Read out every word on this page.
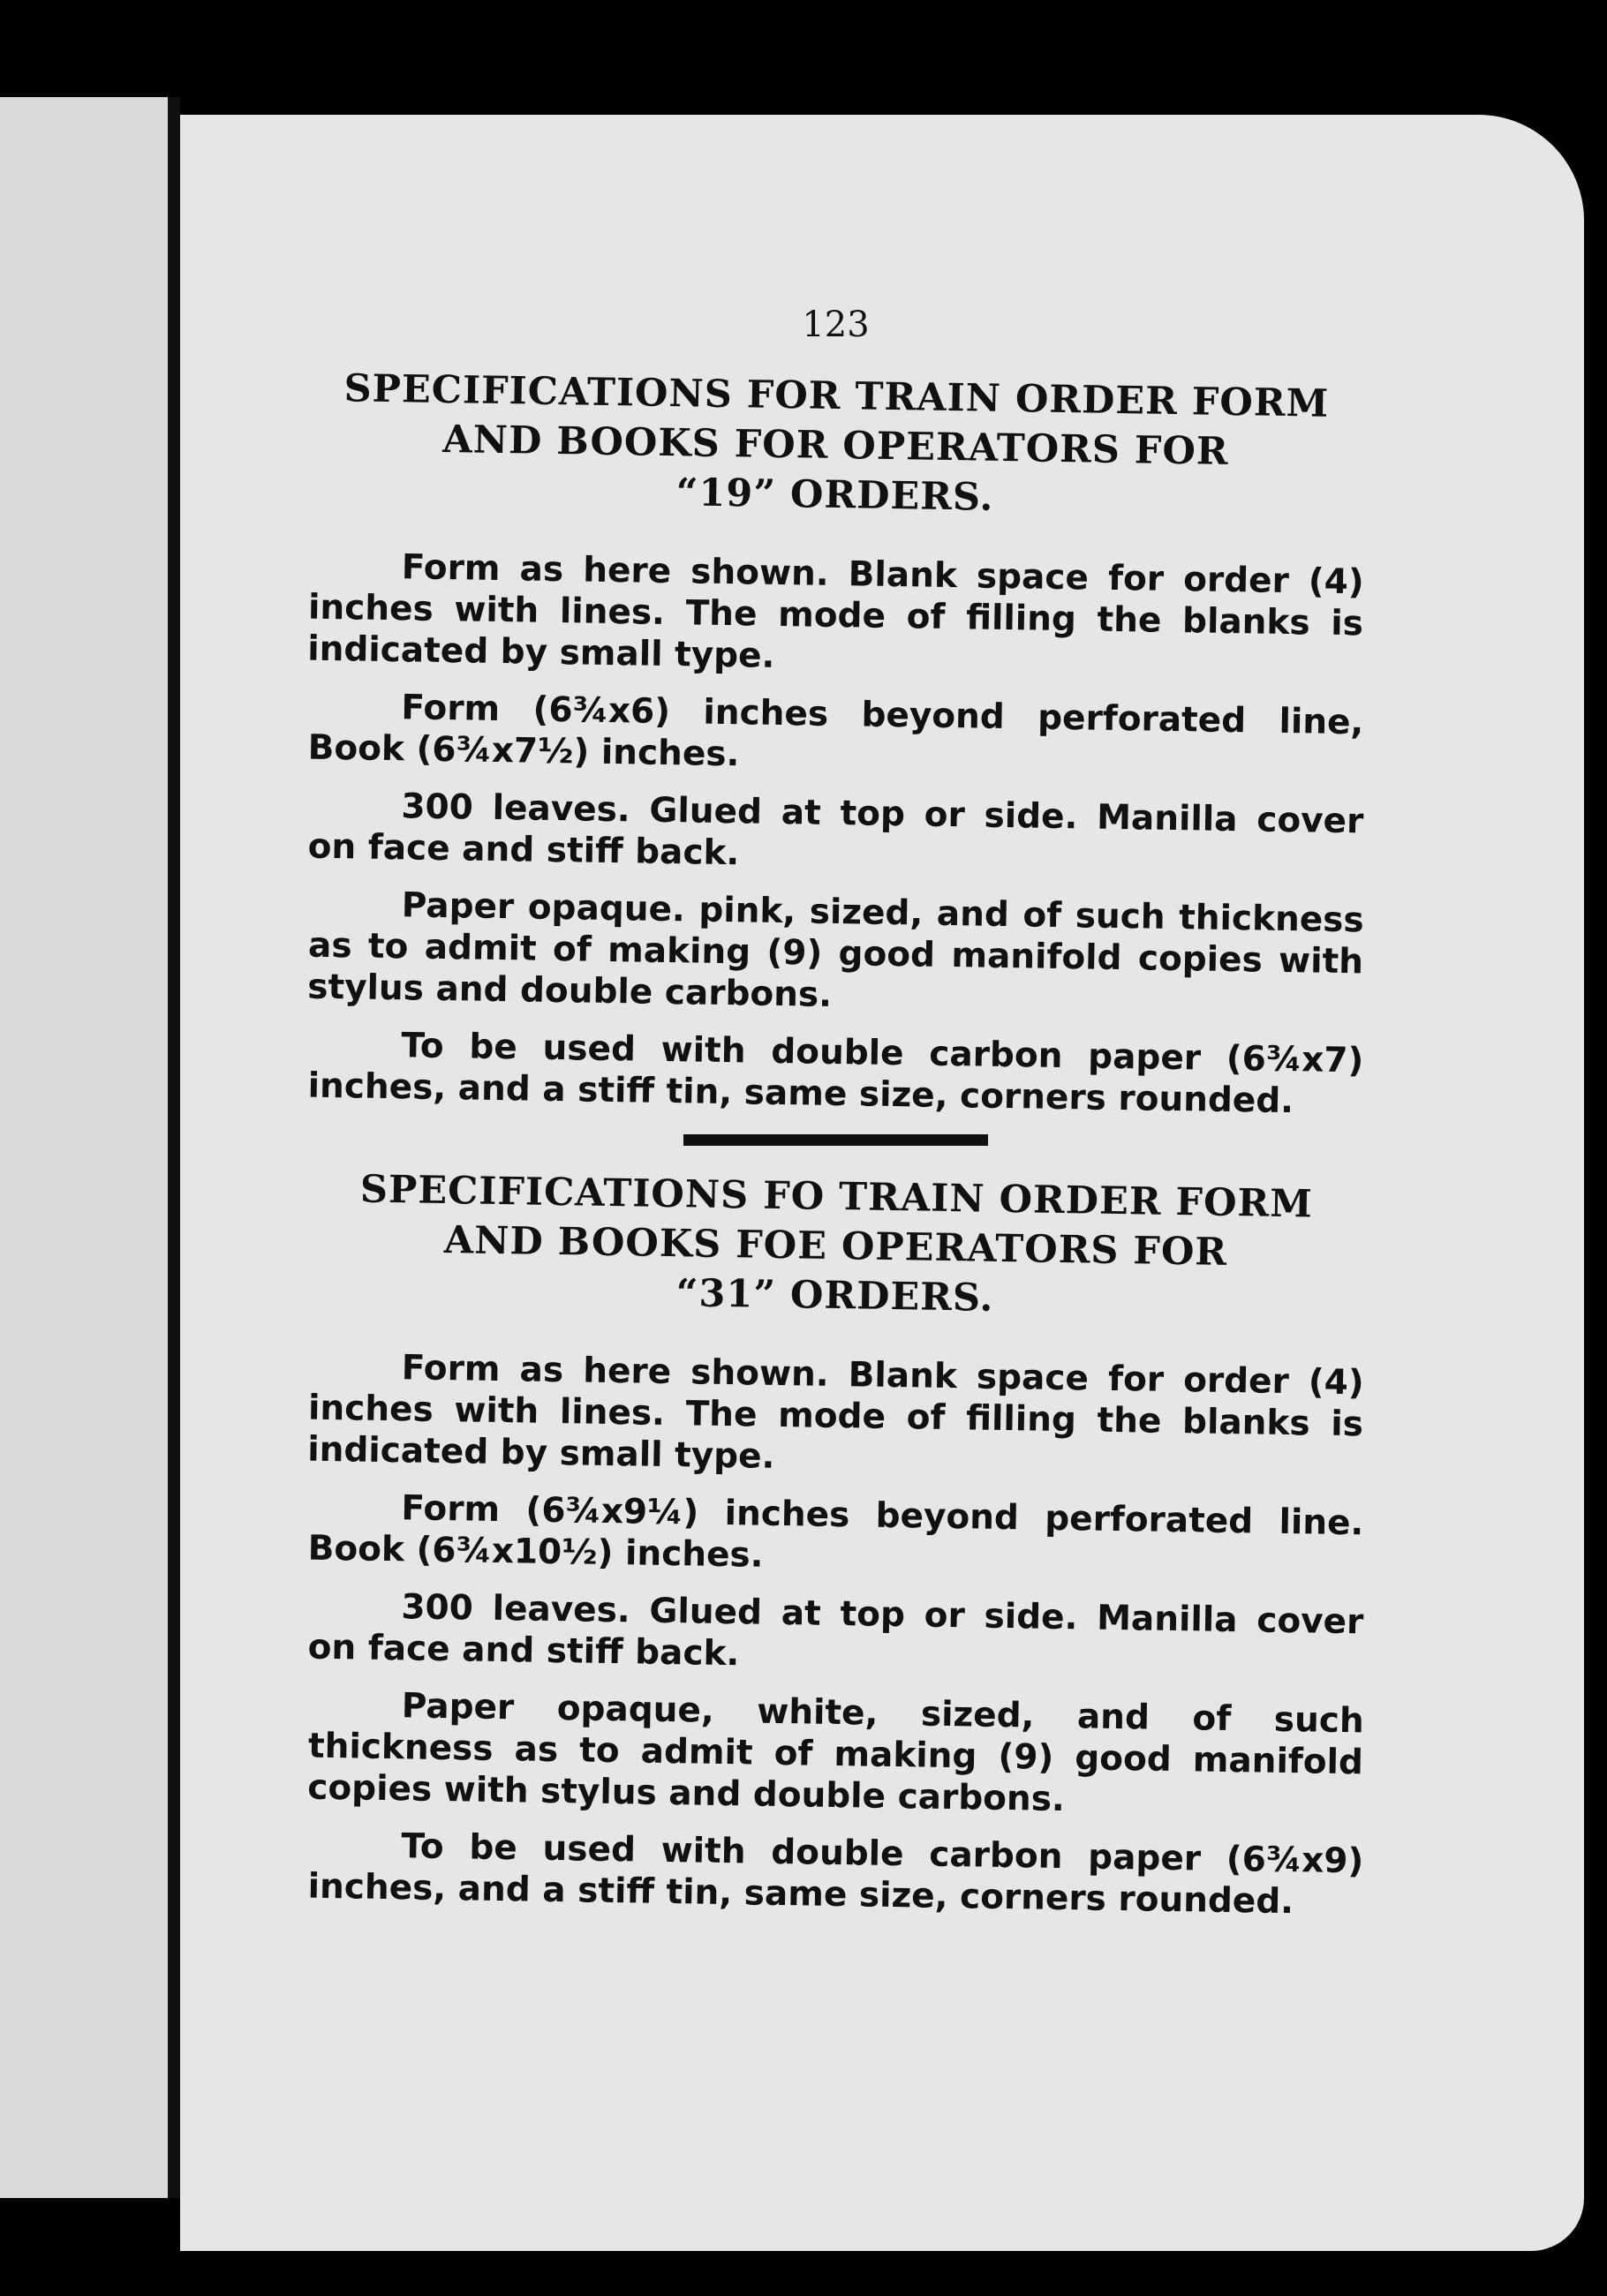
123
SPECIFICATIONS FOR TRAIN ORDER FORM
AND BOOKS FOR OPERATORS FOR
“19” ORDERS.

Form as here shown. Blank space for order (4) inches with lines. The mode of filling the blanks is indicated by small type.

Form (6¾x6) inches beyond perforated line, Book (6¾x7½) inches.

300 leaves. Glued at top or side. Manilla cover on face and stiff back.

Paper opaque. pink, sized, and of such thickness as to admit of making (9) good manifold copies with stylus and double carbons.

To be used with double carbon paper (6¾x7) inches, and a stiff tin, same size, corners rounded.

SPECIFICATIONS FO TRAIN ORDER FORM
AND BOOKS FOE OPERATORS FOR
“31” ORDERS.

Form as here shown. Blank space for order (4) inches with lines. The mode of filling the blanks is indicated by small type.

Form (6¾x9¼) inches beyond perforated line. Book (6¾x10½) inches.

300 leaves. Glued at top or side. Manilla cover on face and stiff back.

Paper opaque, white, sized, and of such thickness as to admit of making (9) good manifold copies with stylus and double carbons.

To be used with double carbon paper (6¾x9) inches, and a stiff tin, same size, corners rounded.
